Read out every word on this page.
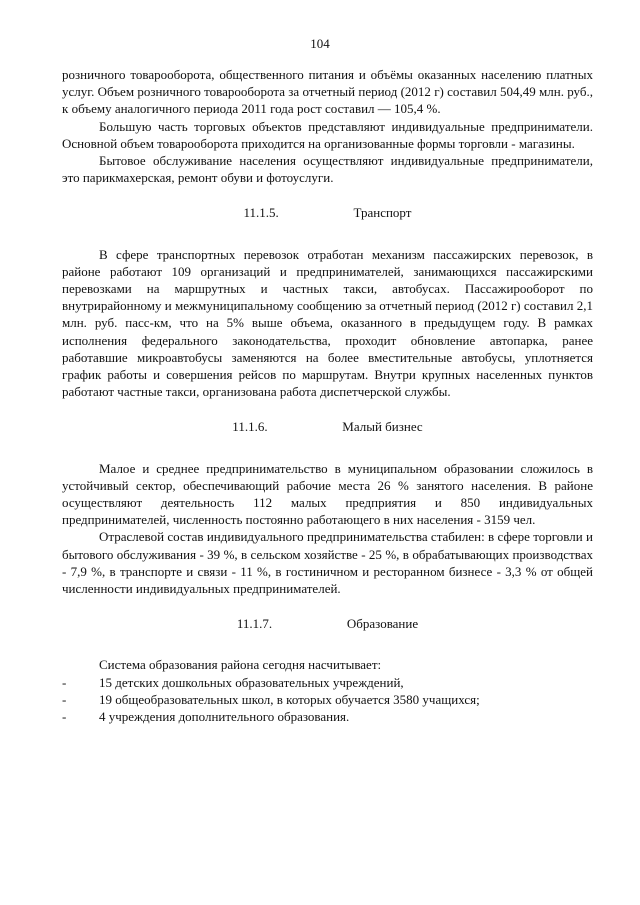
104

розничного товарооборота, общественного питания и объёмы оказанных населению платных услуг. Объем розничного товарооборота за отчетный период (2012 г) составил 504,49 млн. руб., к объему аналогичного периода 2011 года рост составил — 105,4 %.

Большую часть торговых объектов представляют индивидуальные предприниматели. Основной объем товарооборота приходится на организованные формы торговли - магазины.

Бытовое обслуживание населения осуществляют индивидуальные предприниматели, это парикмахерская, ремонт обуви и фотоуслуги.

11.1.5.	Транспорт

В сфере транспортных перевозок отработан механизм пассажирских перевозок, в районе работают 109 организаций и предпринимателей, занимающихся пассажирскими перевозками на маршрутных и частных такси, автобусах. Пассажирооборот по внутрирайонному и межмуниципальному сообщению за отчетный период (2012 г) составил 2,1 млн. руб. пасс-км, что на 5% выше объема, оказанного в предыдущем году. В рамках исполнения федерального законодательства, проходит обновление автопарка, ранее работавшие микроавтобусы заменяются на более вместительные автобусы, уплотняется график работы и совершения рейсов по маршрутам. Внутри крупных населенных пунктов работают частные такси, организована работа диспетчерской службы.

11.1.6.	Малый бизнес

Малое и среднее предпринимательство в муниципальном образовании сложилось в устойчивый сектор, обеспечивающий рабочие места 26 % занятого населения. В районе осуществляют деятельность 112 малых предприятия и 850 индивидуальных предпринимателей, численность постоянно работающего в них населения - 3159 чел.

Отраслевой состав индивидуального предпринимательства стабилен: в сфере торговли и бытового обслуживания - 39 %, в сельском хозяйстве - 25 %, в обрабатывающих производствах - 7,9 %, в транспорте и связи - 11 %, в гостиничном и ресторанном бизнесе - 3,3 % от общей численности индивидуальных предпринимателей.

11.1.7.	Образование

Система образования района сегодня насчитывает:

-	15 детских дошкольных образовательных учреждений,
-	19 общеобразовательных школ, в которых обучается 3580 учащихся;
-	4 учреждения дополнительного образования.
